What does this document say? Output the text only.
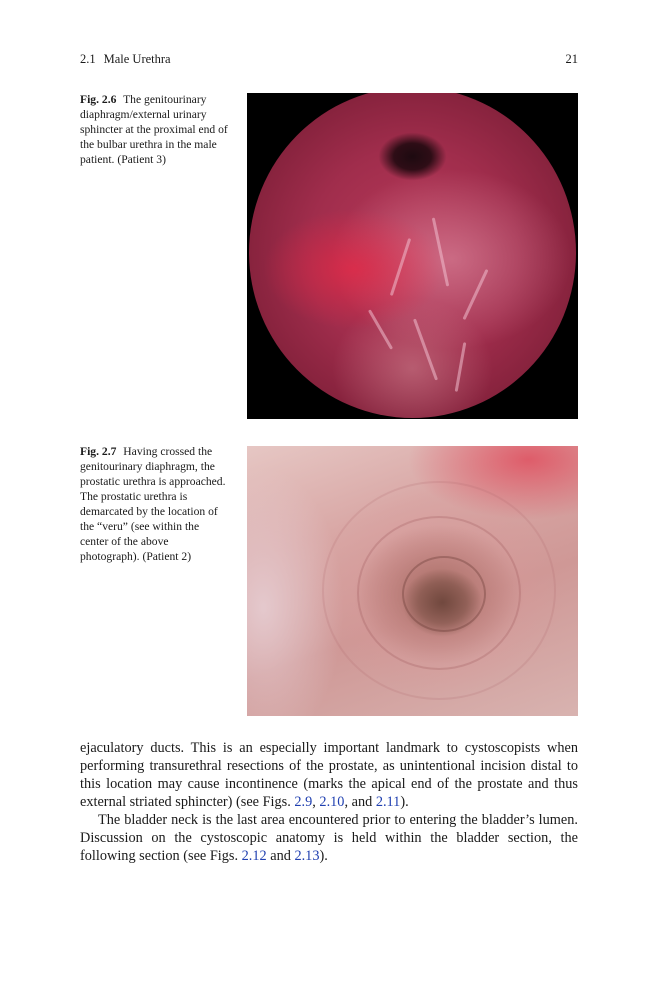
2.1 Male Urethra	21
Fig. 2.6 The genitourinary diaphragm/external urinary sphincter at the proximal end of the bulbar urethra in the male patient. (Patient 3)
Fig. 2.7 Having crossed the genitourinary diaphragm, the prostatic urethra is approached. The prostatic urethra is demarcated by the location of the “veru” (see within the center of the above photograph). (Patient 2)

ejaculatory ducts. This is an especially important landmark to cystoscopists when performing transurethral resections of the prostate, as unintentional incision distal to this location may cause incontinence (marks the apical end of the prostate and thus external striated sphincter) (see Figs. 2.9, 2.10, and 2.11).

The bladder neck is the last area encountered prior to entering the bladder’s lumen. Discussion on the cystoscopic anatomy is held within the bladder section, the following section (see Figs. 2.12 and 2.13).
